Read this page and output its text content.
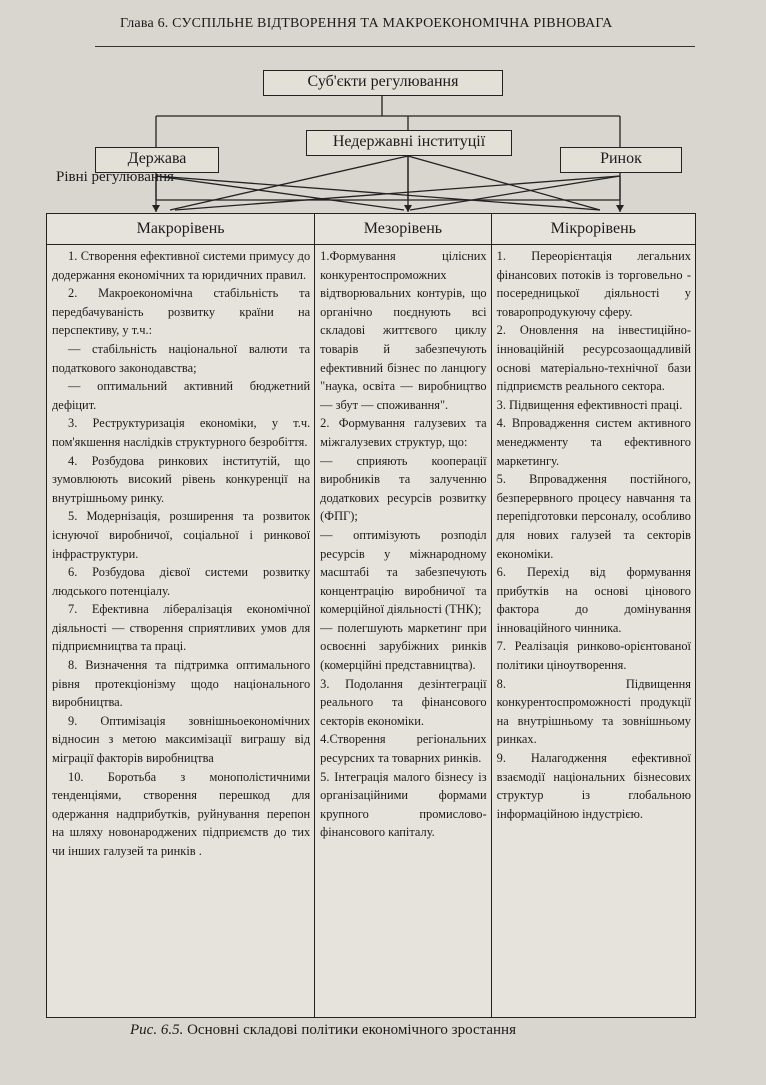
Глава 6. СУСПІЛЬНЕ ВІДТВОРЕННЯ ТА МАКРОЕКОНОМІЧНА РІВНОВАГА
Суб'єкти регулювання
Недержавні інституції
Держава	Ринок
Рівні регулювання
Макрорівень

1. Створення ефективної системи примусу до додержання економічних та юридичних правил.

2. Макроекономічна стабільність та передбачуваність розвитку країни на перспективу, у т.ч.:

— стабільність національної валюти та податкового законодавства;

— оптимальний активний бюджетний дефіцит.

3. Реструктуризація економіки, у т.ч. пом'якшення наслідків структурного безробіття.

4. Розбудова ринкових інститутій, що зумовлюють високий рівень конкуренції на внутрішньому ринку.

5. Модернізація, розширення та розвиток існуючої виробничої, соціальної і ринкової інфраструктури.

6. Розбудова дієвої системи розвитку людського потенціалу.

7. Ефективна лібералізація економічної діяльності — створення сприятливих умов для підприємництва та праці.

8. Визначення та підтримка оптимального рівня протекціонізму щодо національного виробництва.

9. Оптимізація зовнішньоекономічних відносин з метою максимізації виграшу від міграції факторів виробництва

10. Боротьба з монополістичними тенденціями, створення перешкод для одержання надприбутків, руйнування перепон на шляху новонароджених підприємств до тих чи інших галузей та ринків .

Мезорівень

1.Формування цілісних конкурентоспроможних відтворювальних контурів, що органічно поєднують всі складові життєвого циклу товарів й забезпечують ефективний бізнес по ланцюгу "наука, освіта — виробництво — збут — споживання".

2. Формування галузевих та міжгалузевих структур, що:

— сприяють кооперації виробників та залученню додаткових ресурсів розвитку (ФПГ);

— оптимізують розподіл ресурсів у міжнародному масштабі та забезпечують концентрацію виробничої та комерційної діяльності (ТНК);

— полегшують маркетинг при освоєнні зарубіжних ринків (комерційні представництва).

3. Подолання дезінтеграції реального та фінансового секторів економіки.

4.Створення регіональних ресурсних та товарних ринків.

5. Інтеграція малого бізнесу із організаційними формами крупного промислово-фінансового капіталу.

Мікрорівень

1. Переорієнтація легальних фінансових потоків із торговельно - посередницької діяльності у товаропродукуючу сферу.

2. Оновлення на інвестиційно-інноваційній ресурсозаощадливій основі матеріально-технічної бази підприємств реального сектора.

3. Підвищення ефективності праці.

4. Впровадження систем активного менеджменту та ефективного маркетингу.

5. Впровадження постійного, безперервного процесу навчання та перепідготовки персоналу, особливо для нових галузей та секторів економіки.

6. Перехід від формування прибутків на основі цінового фактора до домінування інноваційного чинника.

7. Реалізація ринково-орієнтованої політики ціноутворення.

8. Підвищення конкурентоспроможності продукції на внутрішньому та зовнішньому ринках.

9. Налагодження ефективної взаємодії національних бізнесових структур із глобальною інформаційною індустрією.

Рис. 6.5. Основні складові політики економічного зростання
